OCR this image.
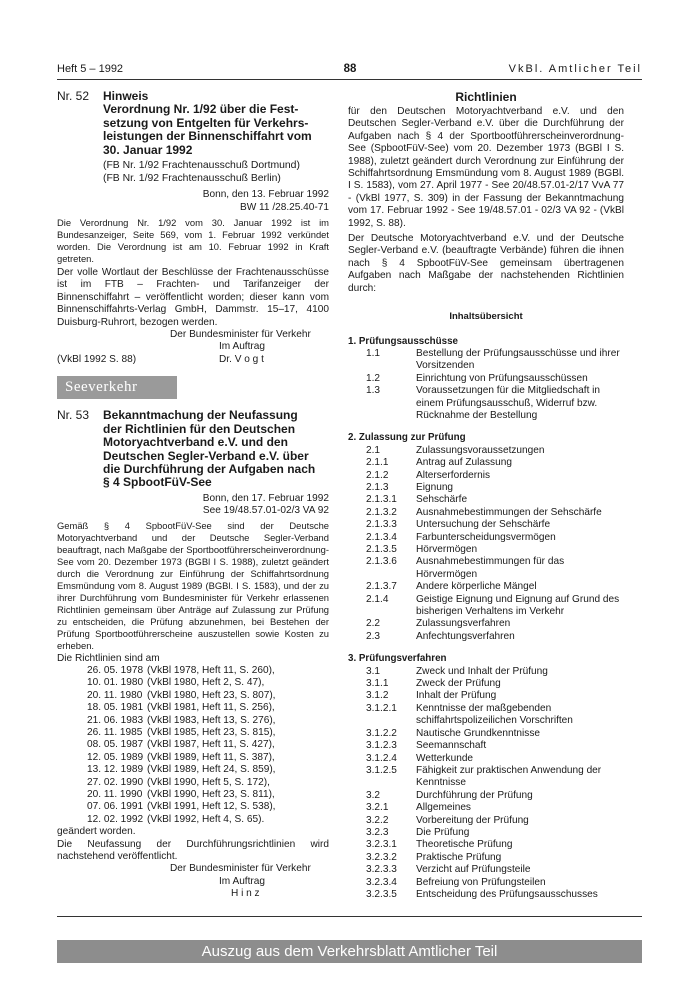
Heft 5 – 1992	88	VkBl. Amtlicher Teil
Nr. 52	Hinweis
Verordnung Nr. 1/92 über die Fest-
setzung von Entgelten für Verkehrs-
leistungen der Binnenschiffahrt vom
30. Januar 1992
(FB Nr. 1/92 Frachtenausschuß Dortmund)
(FB Nr. 1/92 Frachtenausschuß Berlin)
Bonn, den 13. Februar 1992
BW 11 /28.25.40-71

Die Verordnung Nr. 1/92 vom 30. Januar 1992 ist im Bundesanzeiger, Seite 569, vom 1. Februar 1992 verkündet worden. Die Verordnung ist am 10. Februar 1992 in Kraft getreten.

Der volle Wortlaut der Beschlüsse der Frachtenausschüsse ist im FTB – Frachten- und Tarifanzeiger der Binnenschiffahrt – veröffentlicht worden; dieser kann vom Binnenschiffahrts-Verlag GmbH, Dammstr. 15–17, 4100 Duisburg-Ruhrort, bezogen werden.

Der Bundesminister für Verkehr
Im Auftrag
(VkBl 1992 S. 88)	Dr. V o g t
Seeverkehr
Nr. 53	Bekanntmachung der Neufassung
der Richtlinien für den Deutschen
Motoryachtverband e.V. und den
Deutschen Segler-Verband e.V. über
die Durchführung der Aufgaben nach
§ 4 SpbootFüV-See
Bonn, den 17. Februar 1992
See 19/48.57.01-02/3 VA 92

Gemäß § 4 SpbootFüV-See sind der Deutsche Motoryachtverband und der Deutsche Segler-Verband beauftragt, nach Maßgabe der Sportbootführerscheinverordnung-See vom 20. Dezember 1973 (BGBl I S. 1988), zuletzt geändert durch die Verordnung zur Einführung der Schiffahrtsordnung Emsmündung vom 8. August 1989 (BGBl. I S. 1583), und der zu ihrer Durchführung vom Bundesminister für Verkehr erlassenen Richtlinien gemeinsam über Anträge auf Zulassung zur Prüfung zu entscheiden, die Prüfung abzunehmen, bei Bestehen der Prüfung Sportbootführerscheine auszustellen sowie Kosten zu erheben.

Die Richtlinien sind am
26. 05. 1978 (VkBl 1978, Heft 11, S. 260),
10. 01. 1980 (VkBl 1980, Heft 2, S. 47),
20. 11. 1980 (VkBl 1980, Heft 23, S. 807),
18. 05. 1981 (VkBl 1981, Heft 11, S. 256),
21. 06. 1983 (VkBl 1983, Heft 13, S. 276),
26. 11. 1985 (VkBl 1985, Heft 23, S. 815),
08. 05. 1987 (VkBl 1987, Heft 11, S. 427),
12. 05. 1989 (VkBl 1989, Heft 11, S. 387),
13. 12. 1989 (VkBl 1989, Heft 24, S. 859),
27. 02. 1990 (VkBl 1990, Heft 5, S. 172),
20. 11. 1990 (VkBl 1990, Heft 23, S. 811),
07. 06. 1991 (VkBl 1991, Heft 12, S. 538),
12. 02. 1992 (VkBl 1992, Heft 4, S. 65).
geändert worden.

Die Neufassung der Durchführungsrichtlinien wird nachstehend veröffentlicht.

Der Bundesminister für Verkehr
Im Auftrag
H i n z
Richtlinien

für den Deutschen Motoryachtverband e.V. und den Deutschen Segler-Verband e.V. über die Durchführung der Aufgaben nach § 4 der Sportbootführerscheinverordnung-See (SpbootFüV-See) vom 20. Dezember 1973 (BGBl I S. 1988), zuletzt geändert durch Verordnung zur Einführung der Schiffahrtsordnung Emsmündung vom 8. August 1989 (BGBl. I S. 1583), vom 27. April 1977 - See 20/48.57.01-2/17 VvA 77 - (VkBl 1977, S. 309) in der Fassung der Bekanntmachung vom 17. Februar 1992 - See 19/48.57.01 - 02/3 VA 92 - (VkBl 1992, S. 88).

Der Deutsche Motoryachtverband e.V. und der Deutsche Segler-Verband e.V. (beauftragte Verbände) führen die ihnen nach § 4 SpbootFüV-See gemeinsam übertragenen Aufgaben nach Maßgabe der nachstehenden Richtlinien durch:

Inhaltsübersicht
1. Prüfungsausschüsse
1.1	Bestellung der Prüfungsausschüsse und ihrer Vorsitzenden
1.2	Einrichtung von Prüfungsausschüssen
1.3	Voraussetzungen für die Mitgliedschaft in einem Prüfungsausschuß, Widerruf bzw. Rücknahme der Bestellung
2. Zulassung zur Prüfung
2.1	Zulassungsvoraussetzungen
2.1.1	Antrag auf Zulassung
2.1.2	Alterserfordernis
2.1.3	Eignung
2.1.3.1	Sehschärfe
2.1.3.2	Ausnahmebestimmungen der Sehschärfe
2.1.3.3	Untersuchung der Sehschärfe
2.1.3.4	Farbunterscheidungsvermögen
2.1.3.5	Hörvermögen
2.1.3.6	Ausnahmebestimmungen für das Hörvermögen
2.1.3.7	Andere körperliche Mängel
2.1.4	Geistige Eignung und Eignung auf Grund des bisherigen Verhaltens im Verkehr
2.2	Zulassungsverfahren
2.3	Anfechtungsverfahren
3. Prüfungsverfahren
3.1	Zweck und Inhalt der Prüfung
3.1.1	Zweck der Prüfung
3.1.2	Inhalt der Prüfung
3.1.2.1	Kenntnisse der maßgebenden schiffahrtspolizeilichen Vorschriften
3.1.2.2	Nautische Grundkenntnisse
3.1.2.3	Seemannschaft
3.1.2.4	Wetterkunde
3.1.2.5	Fähigkeit zur praktischen Anwendung der Kenntnisse
3.2	Durchführung der Prüfung
3.2.1	Allgemeines
3.2.2	Vorbereitung der Prüfung
3.2.3	Die Prüfung
3.2.3.1	Theoretische Prüfung
3.2.3.2	Praktische Prüfung
3.2.3.3	Verzicht auf Prüfungsteile
3.2.3.4	Befreiung von Prüfungsteilen
3.2.3.5	Entscheidung des Prüfungsausschusses
Auszug aus dem Verkehrsblatt Amtlicher Teil
